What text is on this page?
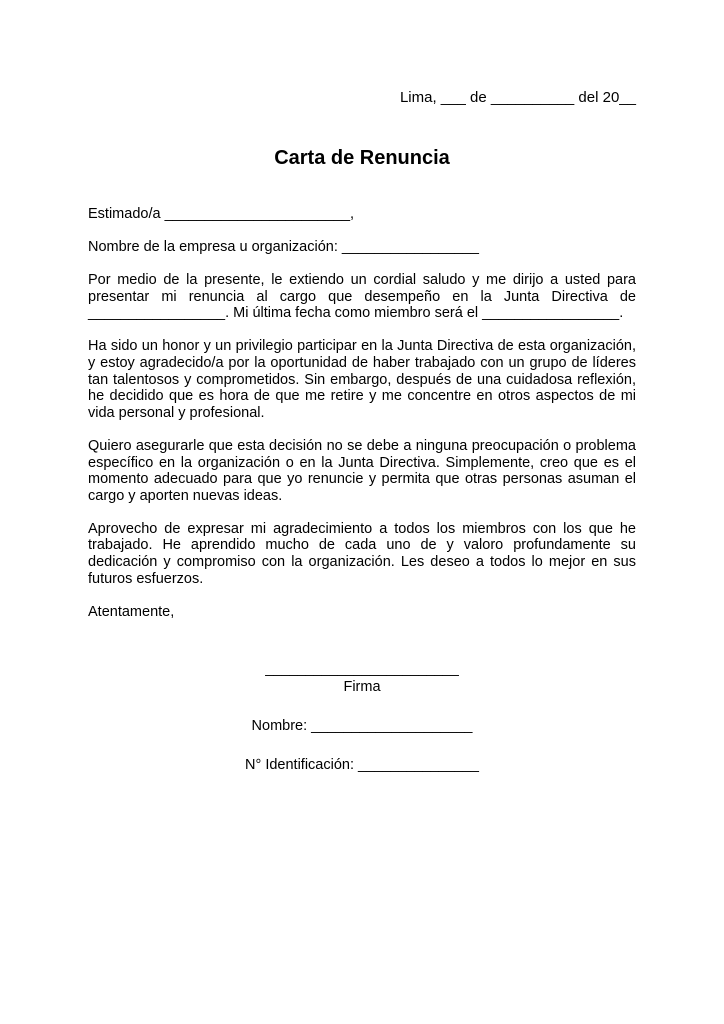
Lima, ___ de __________ del 20__
Carta de Renuncia

Estimado/a _______________________,

Nombre de la empresa u organización: _________________

Por medio de la presente, le extiendo un cordial saludo y me dirijo a usted para presentar mi renuncia al cargo que desempeño en la Junta Directiva de _________________. Mi última fecha como miembro será el _________________.

Ha sido un honor y un privilegio participar en la Junta Directiva de esta organización, y estoy agradecido/a por la oportunidad de haber trabajado con un grupo de líderes tan talentosos y comprometidos. Sin embargo, después de una cuidadosa reflexión, he decidido que es hora de que me retire y me concentre en otros aspectos de mi vida personal y profesional.

Quiero asegurarle que esta decisión no se debe a ninguna preocupación o problema específico en la organización o en la Junta Directiva. Simplemente, creo que es el momento adecuado para que yo renuncie y permita que otras personas asuman el cargo y aporten nuevas ideas.

Aprovecho de expresar mi agradecimiento a todos los miembros con los que he trabajado. He aprendido mucho de cada uno de y valoro profundamente su dedicación y compromiso con la organización. Les deseo a todos lo mejor en sus futuros esfuerzos.

Atentamente,

________________________
Firma
Nombre: ____________________
N° Identificación: _______________
